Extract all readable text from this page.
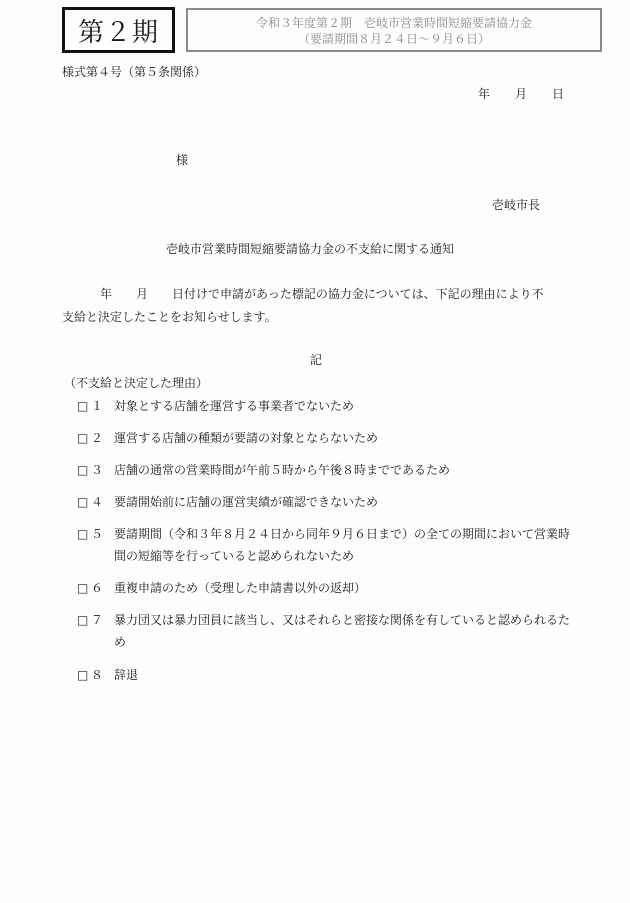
第２期	令和３年度第２期　壱岐市営業時間短縮要請協力金
（要請期間８月２４日～９月６日）
様式第４号（第５条関係）
年 月 日
様
壱岐市長
壱岐市営業時間短縮要請協力金の不支給に関する通知
年　　月　　日付けで申請があった標記の協力金については、下記の理由により不
支給と決定したことをお知らせします。
記
（不支給と決定した理由）
□ １ 対象とする店舗を運営する事業者でないため
□ ２ 運営する店舗の種類が要請の対象とならないため
□ ３ 店舗の通常の営業時間が午前５時から午後８時までであるため
□ ４ 要請開始前に店舗の運営実績が確認できないため
□ ５ 要請期間（令和３年８月２４日から同年９月６日まで）の全ての期間において営業時間の短縮等を行っていると認められないため
□ ６ 重複申請のため（受理した申請書以外の返却）
□ ７ 暴力団又は暴力団員に該当し、又はそれらと密接な関係を有していると認められるため
□ ８ 辞退
